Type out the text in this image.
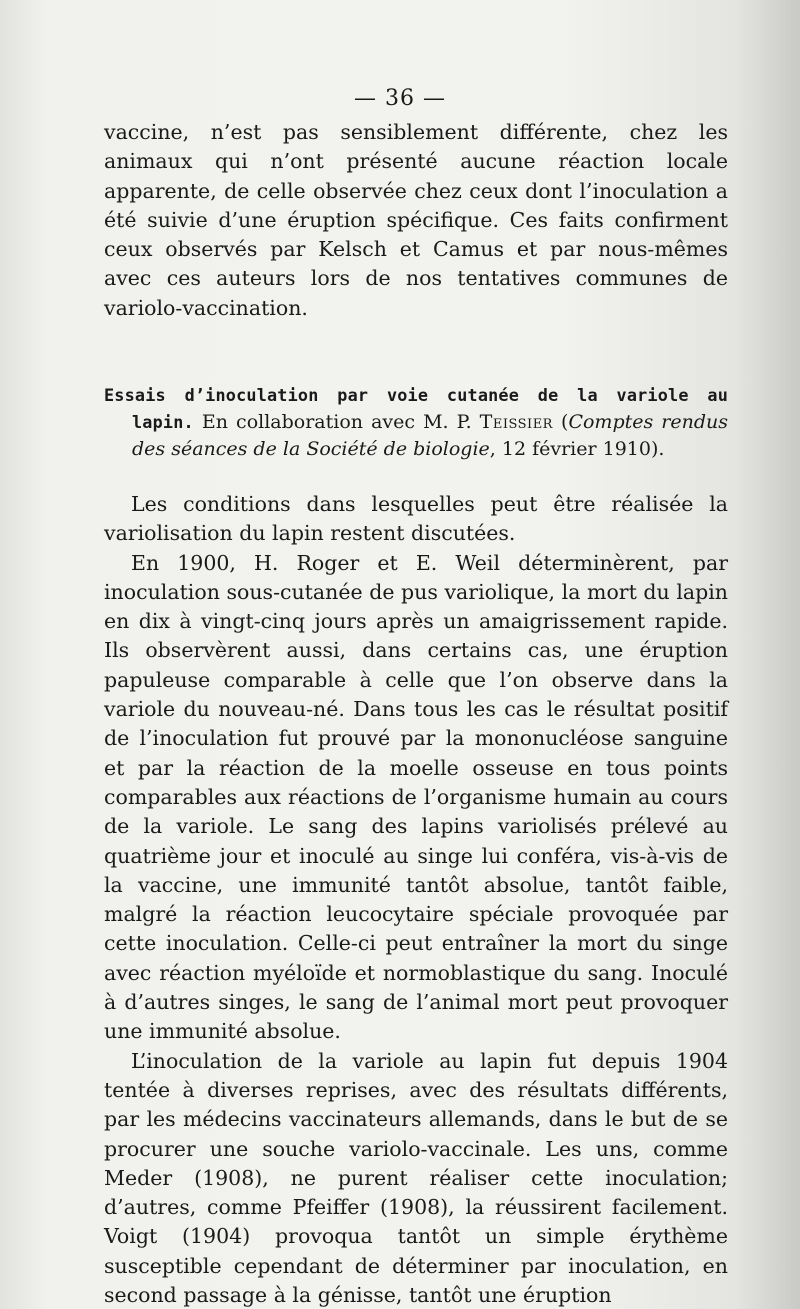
— 36 —

vaccine, n’est pas sensiblement différente, chez les animaux qui n’ont présenté aucune réaction locale apparente, de celle observée chez ceux dont l’inoculation a été suivie d’une éruption spécifique. Ces faits confirment ceux observés par Kelsch et Camus et par nous-mêmes avec ces auteurs lors de nos tentatives communes de variolo-vaccination.

Essais d’inoculation par voie cutanée de la variole au lapin. En collaboration avec M. P. Teissier (Comptes rendus des séances de la Société de biologie, 12 février 1910).

Les conditions dans lesquelles peut être réalisée la variolisation du lapin restent discutées.

En 1900, H. Roger et E. Weil déterminèrent, par inoculation sous-cutanée de pus variolique, la mort du lapin en dix à vingt-cinq jours après un amaigrissement rapide. Ils observèrent aussi, dans certains cas, une éruption papuleuse comparable à celle que l’on observe dans la variole du nouveau-né. Dans tous les cas le résultat positif de l’inoculation fut prouvé par la mononucléose sanguine et par la réaction de la moelle osseuse en tous points comparables aux réactions de l’organisme humain au cours de la variole. Le sang des lapins variolisés prélevé au quatrième jour et inoculé au singe lui conféra, vis-à-vis de la vaccine, une immunité tantôt absolue, tantôt faible, malgré la réaction leucocytaire spéciale provoquée par cette inoculation. Celle-ci peut entraîner la mort du singe avec réaction myéloïde et normoblastique du sang. Inoculé à d’autres singes, le sang de l’animal mort peut provoquer une immunité absolue.

L’inoculation de la variole au lapin fut depuis 1904 tentée à diverses reprises, avec des résultats différents, par les médecins vaccinateurs allemands, dans le but de se procurer une souche variolo-vaccinale. Les uns, comme Meder (1908), ne purent réaliser cette inoculation; d’autres, comme Pfeiffer (1908), la réussirent facilement. Voigt (1904) provoqua tantôt un simple érythème susceptible cependant de déterminer par inoculation, en second passage à la génisse, tantôt une éruption
